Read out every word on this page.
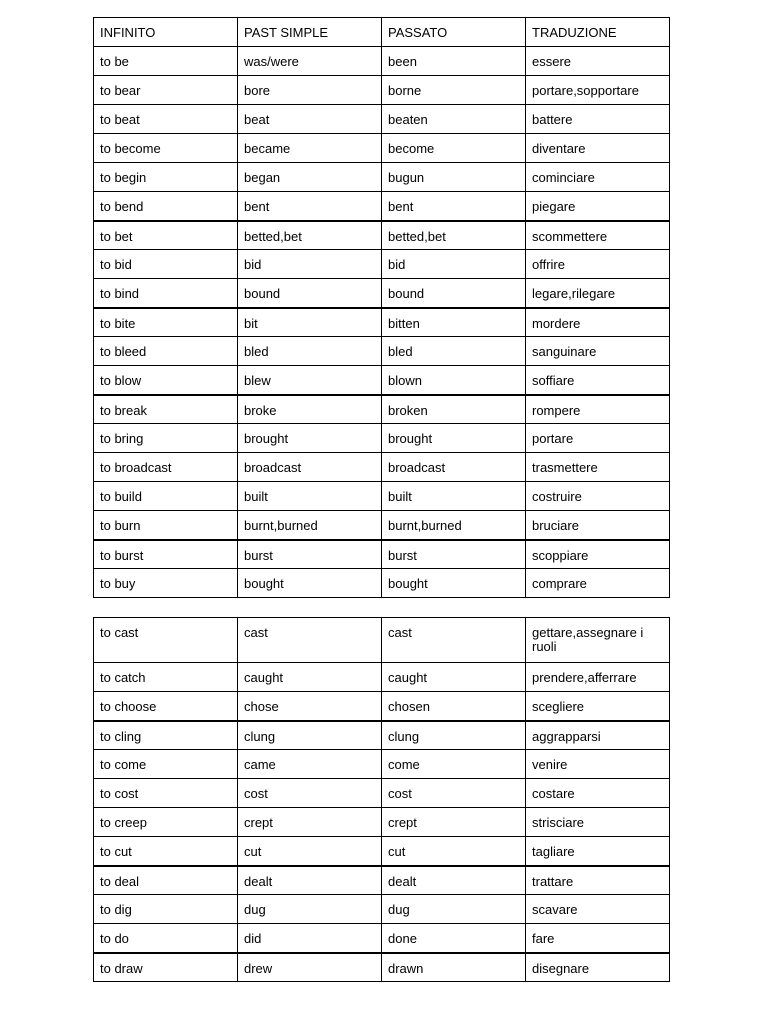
INFINITO	PAST SIMPLE	PASSATO	TRADUZIONE
to be	was/were	been	essere
to bear	bore	borne	portare,sopportare
to beat	beat	beaten	battere
to become	became	become	diventare
to begin	began	bugun	cominciare
to bend	bent	bent	piegare
to bet	betted,bet	betted,bet	scommettere
to bid	bid	bid	offrire
to bind	bound	bound	legare,rilegare
to bite	bit	bitten	mordere
to bleed	bled	bled	sanguinare
to blow	blew	blown	soffiare
to break	broke	broken	rompere
to bring	brought	brought	portare
to broadcast	broadcast	broadcast	trasmettere
to build	built	built	costruire
to burn	burnt,burned	burnt,burned	bruciare
to burst	burst	burst	scoppiare
to buy	bought	bought	comprare
to cast	cast	cast	gettare,assegnare i ruoli
to catch	caught	caught	prendere,afferrare
to choose	chose	chosen	scegliere
to cling	clung	clung	aggrapparsi
to come	came	come	venire
to cost	cost	cost	costare
to creep	crept	crept	strisciare
to cut	cut	cut	tagliare
to deal	dealt	dealt	trattare
to dig	dug	dug	scavare
to do	did	done	fare
to draw	drew	drawn	disegnare
